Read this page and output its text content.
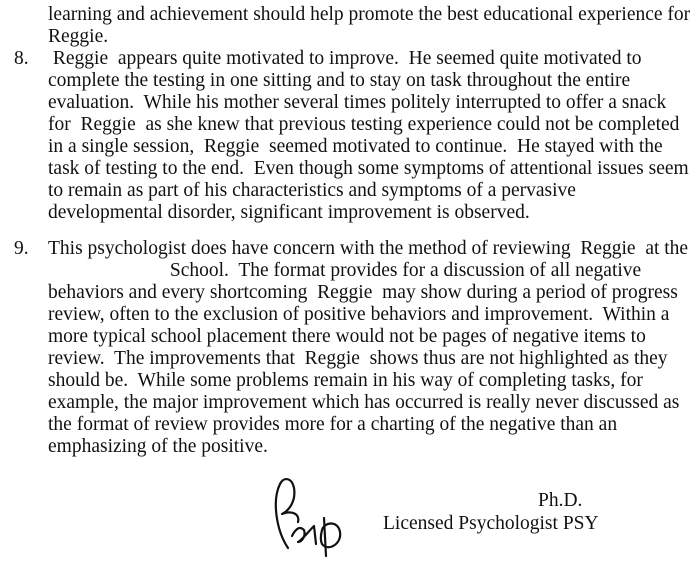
learning and achievement should help promote the best educational experience for
Reggie.
8. Reggie  appears quite motivated to improve.  He seemed quite motivated to
complete the testing in one sitting and to stay on task throughout the entire
evaluation.  While his mother several times politely interrupted to offer a snack
for  Reggie  as she knew that previous testing experience could not be completed
in a single session,  Reggie  seemed motivated to continue.  He stayed with the
task of testing to the end.  Even though some symptoms of attentional issues seem
to remain as part of his characteristics and symptoms of a pervasive
developmental disorder, significant improvement is observed.
9. This psychologist does have concern with the method of reviewing  Reggie  at the
School.  The format provides for a discussion of all negative
behaviors and every shortcoming  Reggie  may show during a period of progress
review, often to the exclusion of positive behaviors and improvement.  Within a
more typical school placement there would not be pages of negative items to
review.  The improvements that  Reggie  shows thus are not highlighted as they
should be.  While some problems remain in his way of completing tasks, for
example, the major improvement which has occurred is really never discussed as
the format of review provides more for a charting of the negative than an
emphasizing of the positive.
Ph.D.
Licensed Psychologist PSY
